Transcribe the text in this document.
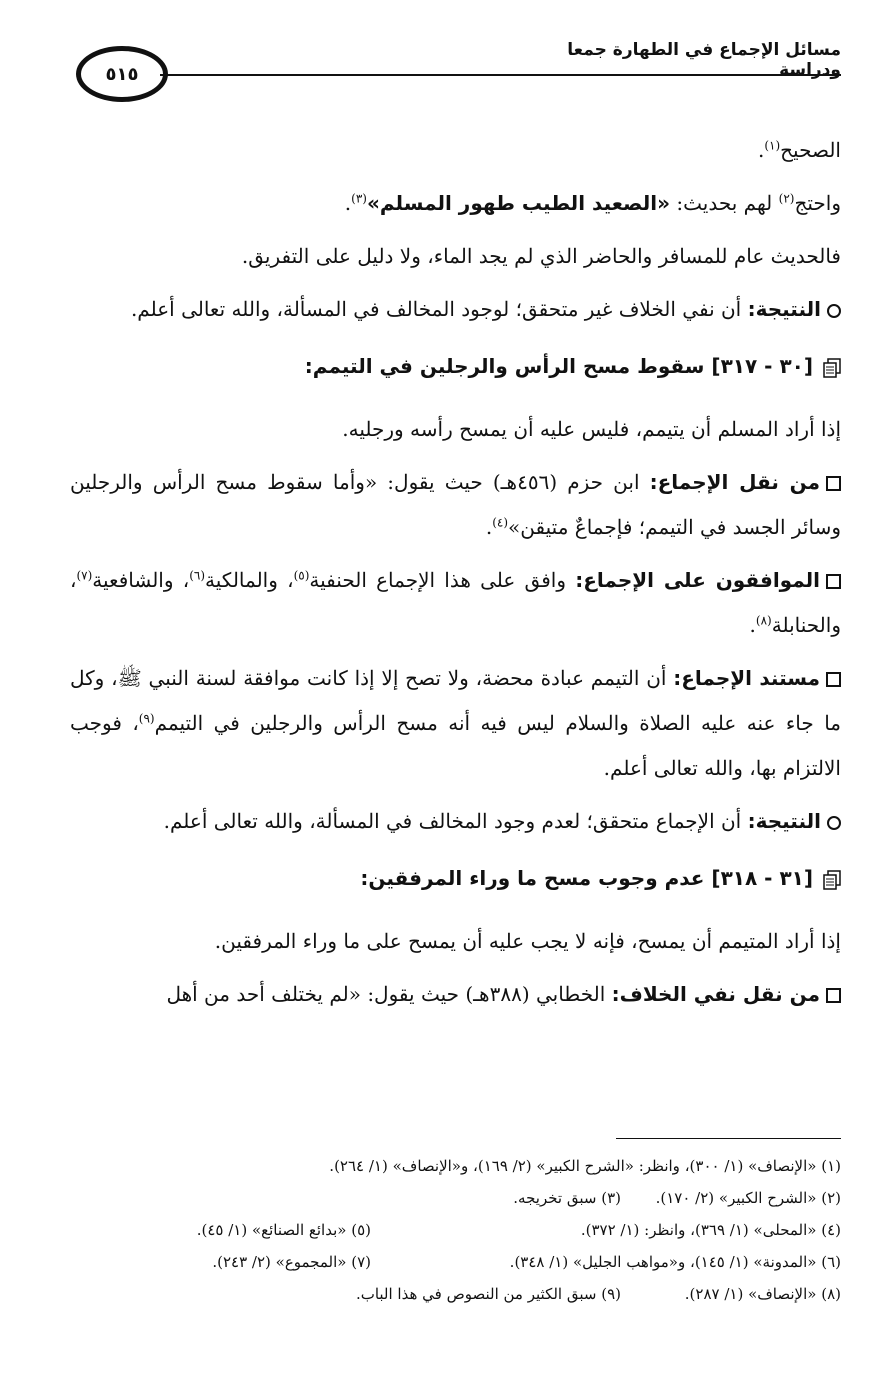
مسائل الإجماع في الطهارة جمعا ودراسة
٥١٥

الصحيح$^{(١)}$.

واحتج$^{(٢)}$ لهم بحديث: «الصعيد الطيب طهور المسلم»$^{(٣)}$.

فالحديث عام للمسافر والحاضر الذي لم يجد الماء، ولا دليل على التفريق.

النتيجة: أن نفي الخلاف غير متحقق؛ لوجود المخالف في المسألة، والله تعالى أعلم.

[٣٠ - ٣١٧] سقوط مسح الرأس والرجلين في التيمم:

إذا أراد المسلم أن يتيمم، فليس عليه أن يمسح رأسه ورجليه.

من نقل الإجماع: ابن حزم (٤٥٦هـ) حيث يقول: «وأما سقوط مسح الرأس والرجلين وسائر الجسد في التيمم؛ فإجماعٌ متيقن»$^{(٤)}$.

الموافقون على الإجماع: وافق على هذا الإجماع الحنفية$^{(٥)}$، والمالكية$^{(٦)}$، والشافعية$^{(٧)}$، والحنابلة$^{(٨)}$.

مستند الإجماع: أن التيمم عبادة محضة، ولا تصح إلا إذا كانت موافقة لسنة النبي ﷺ، وكل ما جاء عنه عليه الصلاة والسلام ليس فيه أنه مسح الرأس والرجلين في التيمم$^{(٩)}$، فوجب الالتزام بها، والله تعالى أعلم.

النتيجة: أن الإجماع متحقق؛ لعدم وجود المخالف في المسألة، والله تعالى أعلم.

[٣١ - ٣١٨] عدم وجوب مسح ما وراء المرفقين:

إذا أراد المتيمم أن يمسح، فإنه لا يجب عليه أن يمسح على ما وراء المرفقين.

من نقل نفي الخلاف: الخطابي (٣٨٨هـ) حيث يقول: «لم يختلف أحد من أهل

(١) «الإنصاف» (١/ ٣٠٠)، وانظر: «الشرح الكبير» (٢/ ١٦٩)، و«الإنصاف» (١/ ٢٦٤).
(٢) «الشرح الكبير» (٢/ ١٧٠).
(٣) سبق تخريجه.
(٤) «المحلى» (١/ ٣٦٩)، وانظر: (١/ ٣٧٢).
(٥) «بدائع الصنائع» (١/ ٤٥).
(٦) «المدونة» (١/ ١٤٥)، و«مواهب الجليل» (١/ ٣٤٨).
(٧) «المجموع» (٢/ ٢٤٣).
(٨) «الإنصاف» (١/ ٢٨٧).
(٩) سبق الكثير من النصوص في هذا الباب.
